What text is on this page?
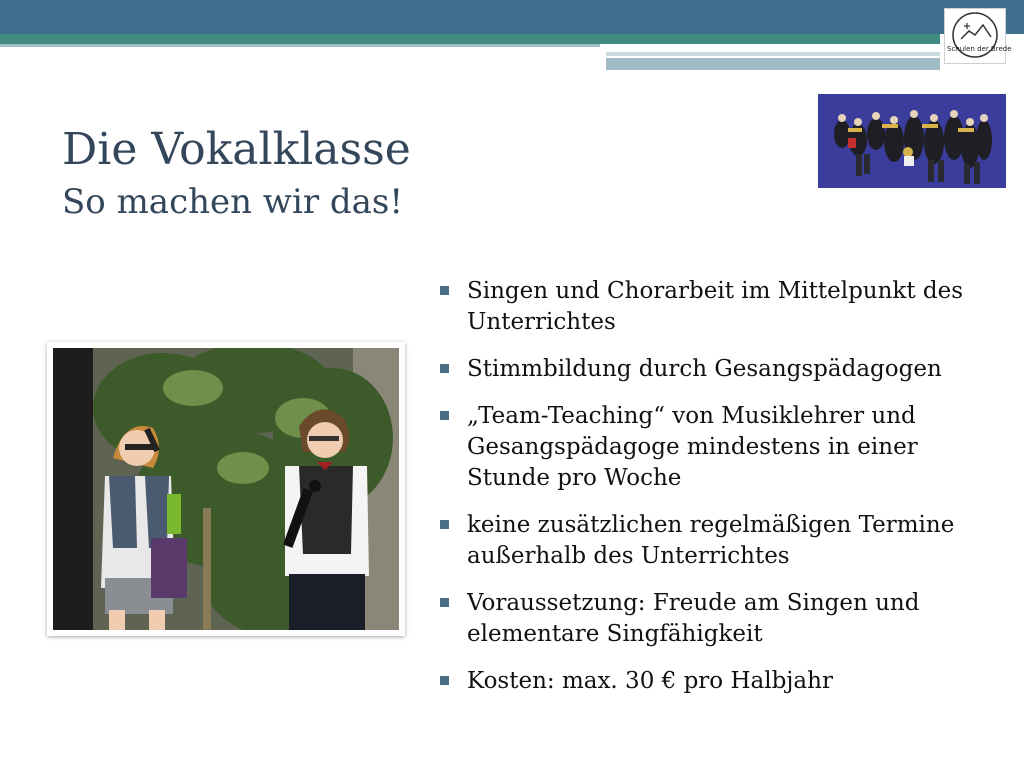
Schulen der Brede
Die Vokalklasse
So machen wir das!
Singen und Chorarbeit im Mittelpunkt des Unterrichtes
Stimmbildung durch Gesangspädagogen
„Team-Teaching“ von Musiklehrer und Gesangspädagoge mindestens in einer Stunde pro Woche
keine zusätzlichen regelmäßigen Termine außerhalb des Unterrichtes
Voraussetzung: Freude am Singen und elementare Singfähigkeit
Kosten: max. 30 € pro Halbjahr
